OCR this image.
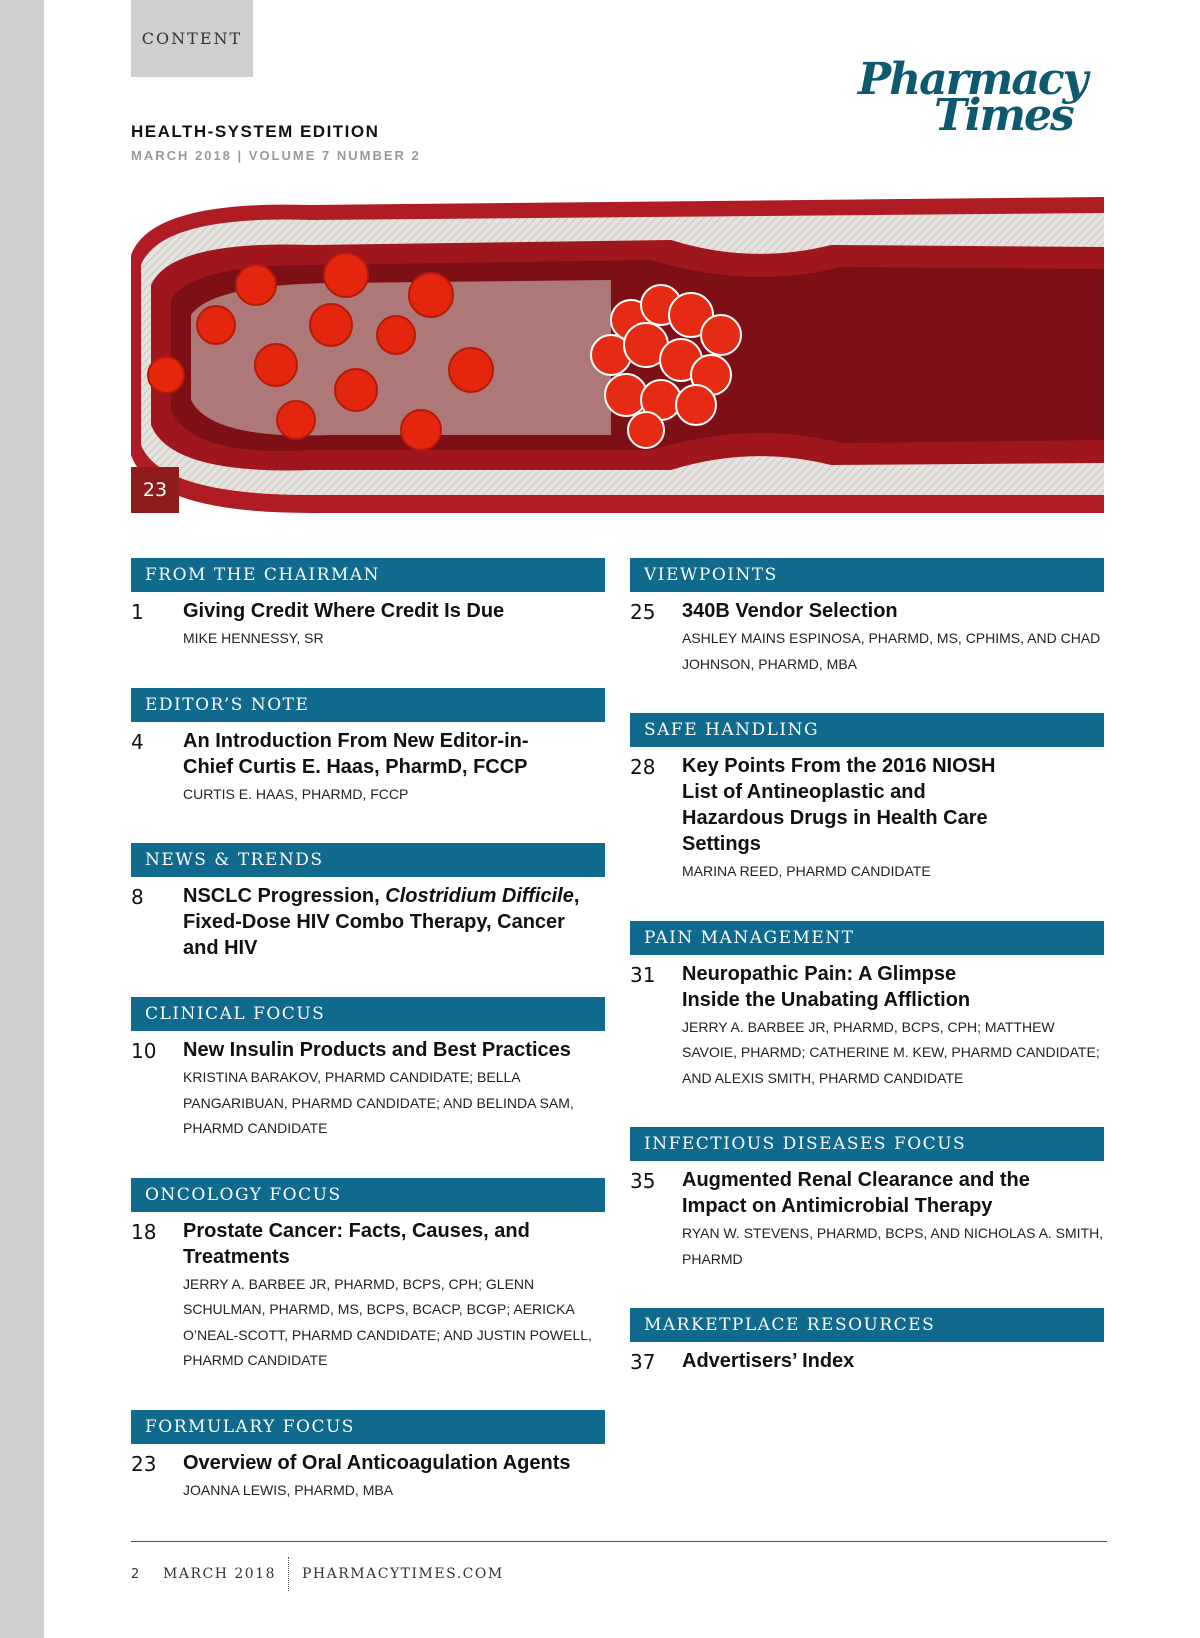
CONTENT
Pharmacy
Times
HEALTH-SYSTEM EDITION
MARCH 2018 | VOLUME 7 NUMBER 2
23
FROM THE CHAIRMAN
1	Giving Credit Where Credit Is Due
MIKE HENNESSY, SR
EDITOR’S NOTE
4	An Introduction From New Editor-in-Chief Curtis E. Haas, PharmD, FCCP
CURTIS E. HAAS, PHARMD, FCCP
NEWS & TRENDS
8	NSCLC Progression, Clostridium Difficile, Fixed-Dose HIV Combo Therapy, Cancer and HIV
CLINICAL FOCUS
10	New Insulin Products and Best Practices
KRISTINA BARAKOV, PHARMD CANDIDATE; BELLA PANGARIBUAN, PHARMD CANDIDATE; AND BELINDA SAM, PHARMD CANDIDATE
ONCOLOGY FOCUS
18	Prostate Cancer: Facts, Causes, and Treatments
JERRY A. BARBEE JR, PHARMD, BCPS, CPH; GLENN SCHULMAN, PHARMD, MS, BCPS, BCACP, BCGP; AERICKA O’NEAL-SCOTT, PHARMD CANDIDATE; AND JUSTIN POWELL, PHARMD CANDIDATE
FORMULARY FOCUS
23	Overview of Oral Anticoagulation Agents
JOANNA LEWIS, PHARMD, MBA
VIEWPOINTS
25	340B Vendor Selection
ASHLEY MAINS ESPINOSA, PHARMD, MS, CPHIMS, AND CHAD JOHNSON, PHARMD, MBA
SAFE HANDLING
28	Key Points From the 2016 NIOSH List of Antineoplastic and Hazardous Drugs in Health Care Settings
MARINA REED, PHARMD CANDIDATE
PAIN MANAGEMENT
31	Neuropathic Pain: A Glimpse Inside the Unabating Affliction
JERRY A. BARBEE JR, PHARMD, BCPS, CPH; MATTHEW SAVOIE, PHARMD; CATHERINE M. KEW, PHARMD CANDIDATE; AND ALEXIS SMITH, PHARMD CANDIDATE
INFECTIOUS DISEASES FOCUS
35	Augmented Renal Clearance and the Impact on Antimicrobial Therapy
RYAN W. STEVENS, PHARMD, BCPS, AND NICHOLAS A. SMITH, PHARMD
MARKETPLACE RESOURCES
37	Advertisers’ Index
2	MARCH 2018 PHARMACYTIMES.COM
